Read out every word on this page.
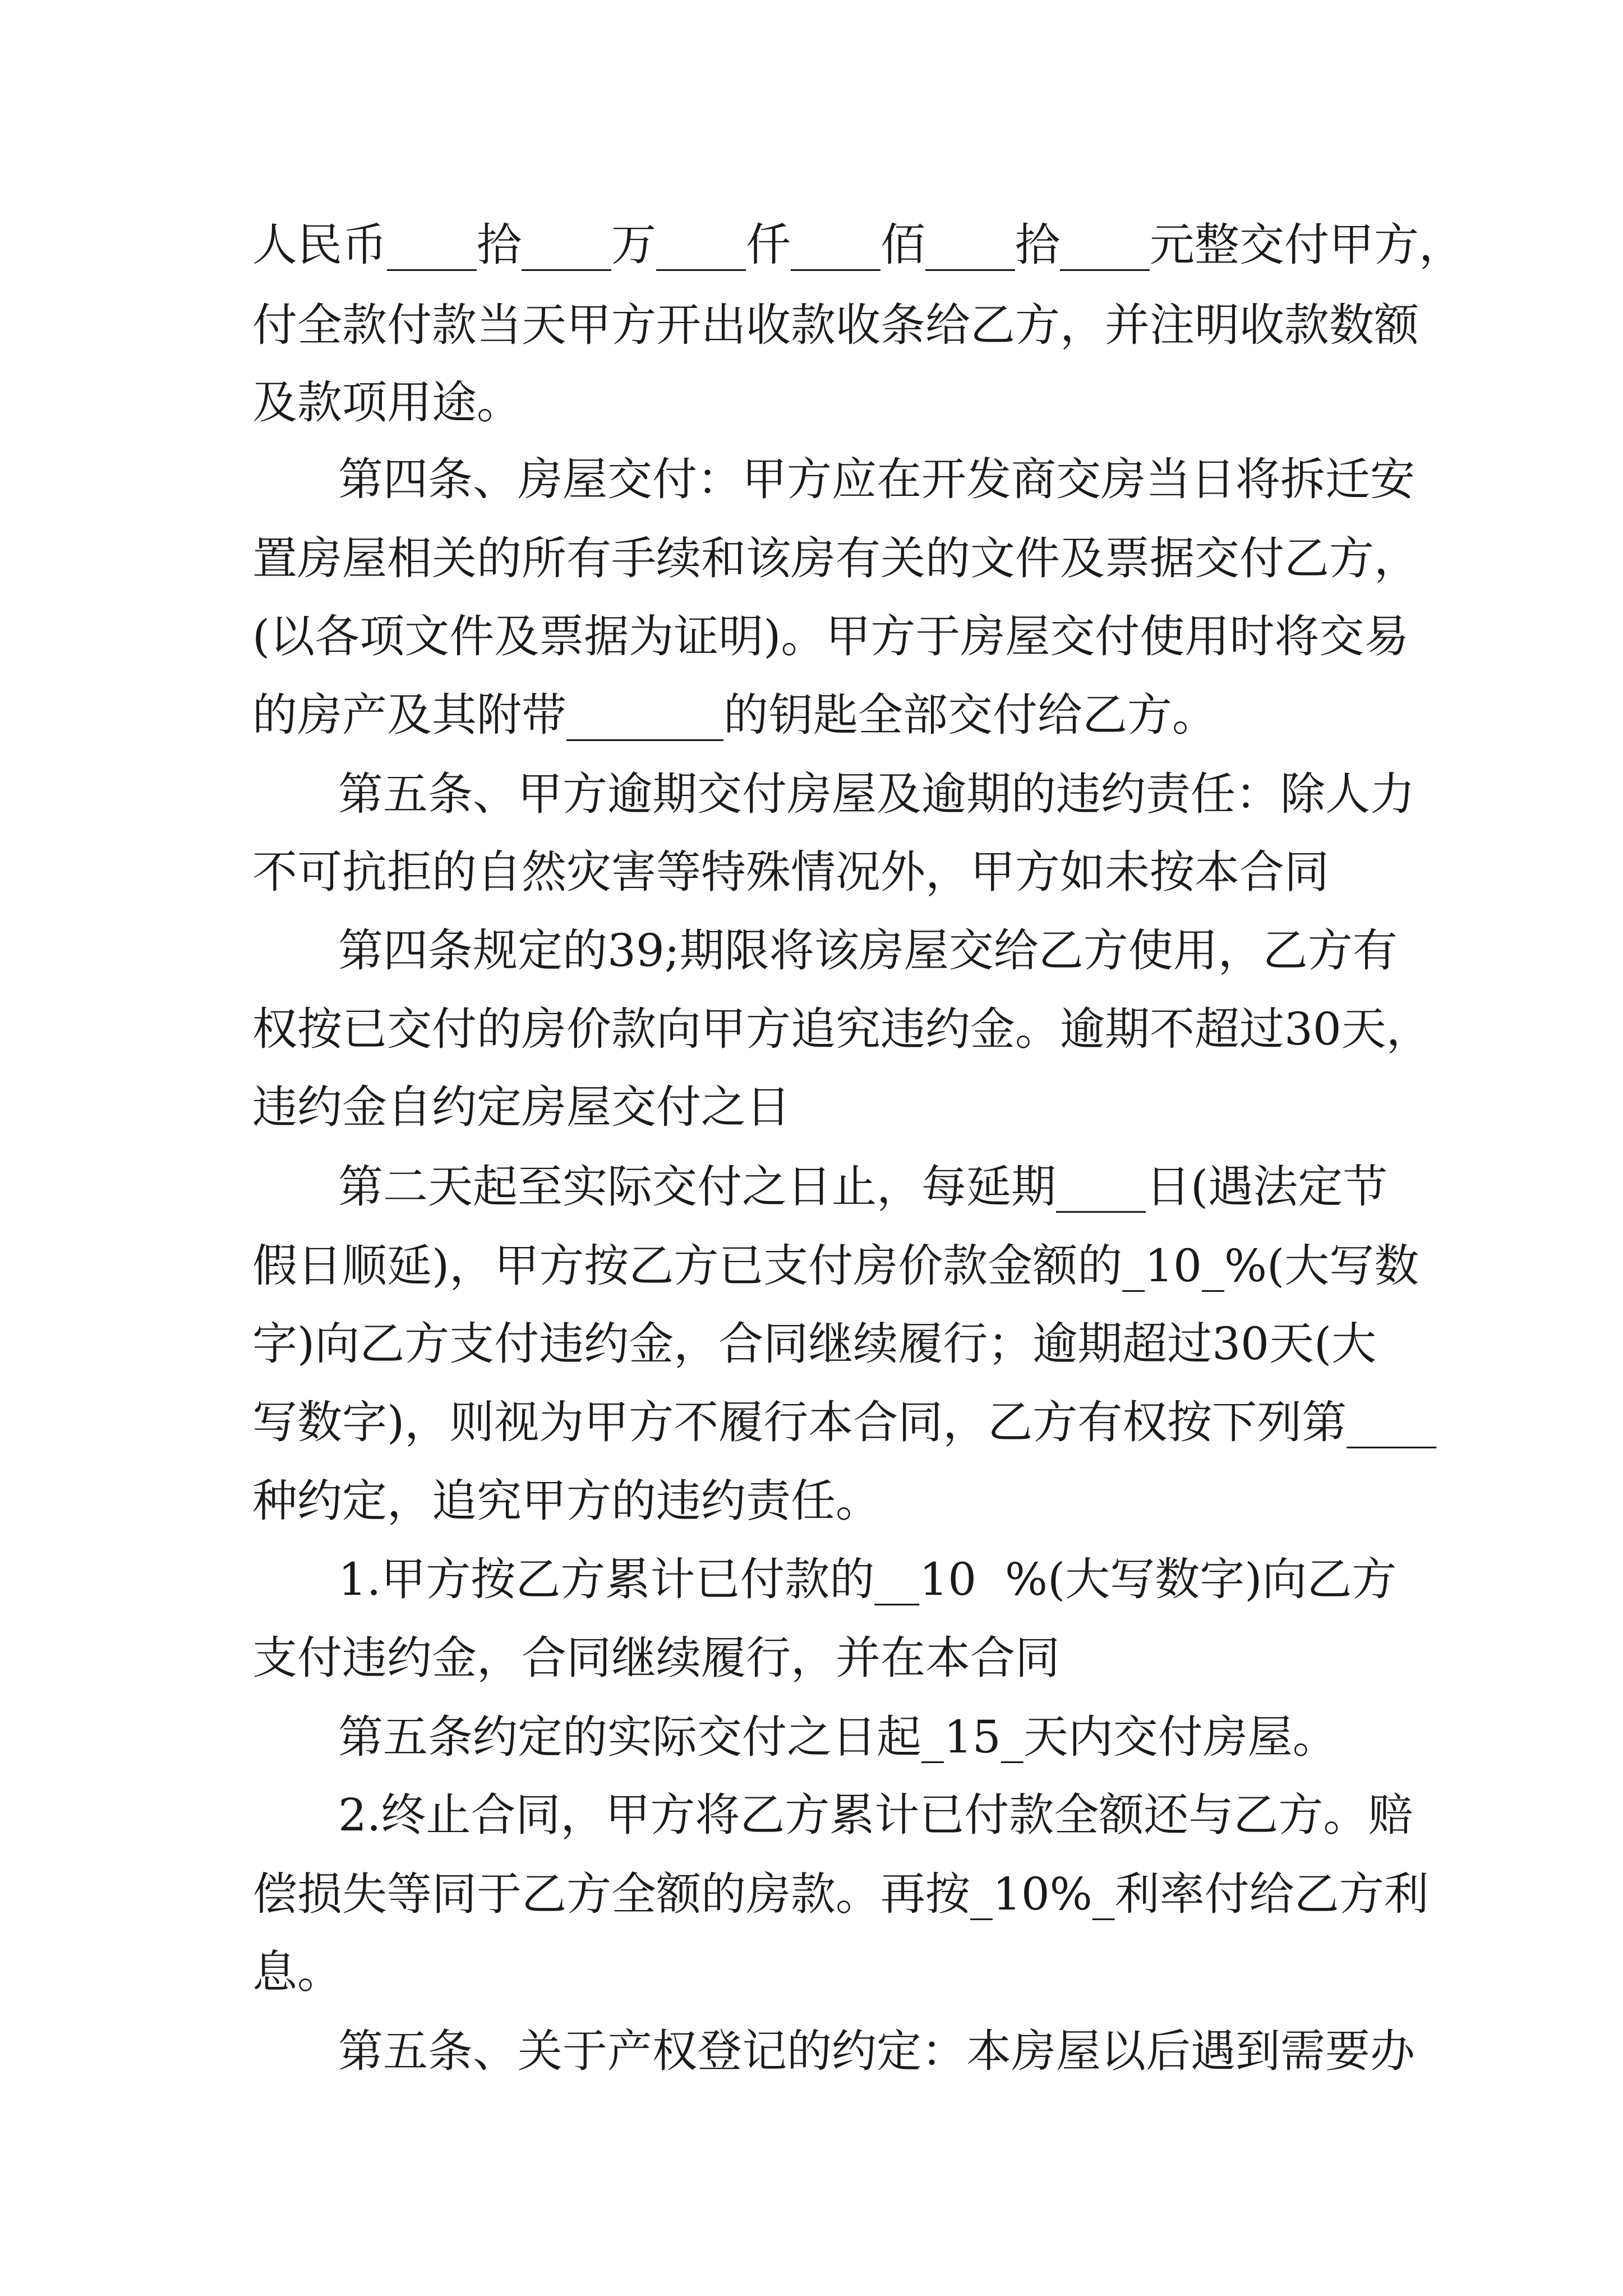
人民币____拾____万____仟____佰____拾____元整交付甲方，
付全款付款当天甲方开出收款收条给乙方，并注明收款数额
及款项用途。
第四条、房屋交付：甲方应在开发商交房当日将拆迁安
置房屋相关的所有手续和该房有关的文件及票据交付乙方，
(以各项文件及票据为证明)。甲方于房屋交付使用时将交易
的房产及其附带_______的钥匙全部交付给乙方。
第五条、甲方逾期交付房屋及逾期的违约责任：除人力
不可抗拒的自然灾害等特殊情况外，甲方如未按本合同
第四条规定的39;期限将该房屋交给乙方使用，乙方有
权按已交付的房价款向甲方追究违约金。逾期不超过30天，
违约金自约定房屋交付之日
第二天起至实际交付之日止，每延期____日(遇法定节
假日顺延)，甲方按乙方已支付房价款金额的_10_%(大写数
字)向乙方支付违约金，合同继续履行；逾期超过30天(大
写数字)，则视为甲方不履行本合同，乙方有权按下列第____
种约定，追究甲方的违约责任。
1.甲方按乙方累计已付款的__10  %(大写数字)向乙方
支付违约金，合同继续履行，并在本合同
第五条约定的实际交付之日起_15_天内交付房屋。
2.终止合同，甲方将乙方累计已付款全额还与乙方。赔
偿损失等同于乙方全额的房款。再按_10%_利率付给乙方利
息。
第五条、关于产权登记的约定：本房屋以后遇到需要办
